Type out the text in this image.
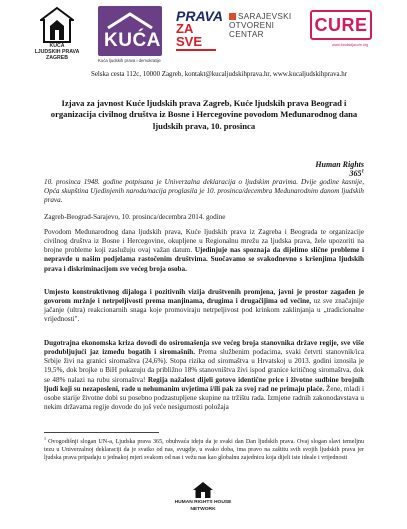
KUĆA
LJUDSKIH PRAVA
ZAGREB
KUĆA
Kuća ljudskih prava i demokratije
PRAVA
ZA SVE
SARAJEVSKI
OTVORENI
CENTAR	CURE
www.fondacijacure.org
Selska cesta 112c, 10000 Zagreb, kontakt@kucaljudskihprava.hr, www.kucaljudskihprava.hr
Izjava za javnost Kuće ljudskih prava Zagreb, Kuće ljudskih prava Beograd i organizacija civilnog društva iz Bosne i Hercegovine povodom Međunarodnog dana ljudskih prava, 10. prosinca
Human Rights $365^1$

10. prosinca 1948. godine potpisana je Univerzalna deklaracija o ljudskim pravima. Dvije godine kasnije, Opća skupština Ujedinjenih naroda/nacija proglasila je 10. prosinca/decembra Međunarodnim danom ljudskih prava.

Zagreb-Beograd-Sarajevo, 10. prosinca/decembra 2014. godine

Povodom Međunarodnog dana ljudskih prava, Kuće ljudskih prava iz Zagreba i Beograda te organizacije civilnog društva iz Bosne i Hercegovine, okupljene u Regionalnu mrežu za ljudska prava, žele upozoriti na brojne probleme koji zaslužuju ovaj važan datum. Ujedinjuje nas spoznaja da dijelimo slične probleme i nepravde u našim podjelama rastočenim društvima. Suočavamo se svakodnevno s kršenjima ljudskih prava i diskriminacijom sve većeg broja osoba.

Umjesto konstruktivnog dijaloga i pozitivnih vizija društvenih promjena, javni je prostor zagađen je govorom mržnje i netrpeljivosti prema manjinama, drugima i drugačijima od većine, uz sve značajnije jačanje (ultra) reakcionarnih snaga koje promoviraju netrpeljivost pod krinkom zaklinjanja u „tradicionalne vrijednosti".

Dugotrajna ekonomska kriza dovodi do osiromašenja sve većeg broja stanovnika države regije, sve više produbljujući jaz između bogatih i siromašnih. Prema službenim podacima, svaki četvrti stanovnik/ica Srbije živi na granici siromaštva (24,6%). Stopa rizika od siromaštva u Hrvatskoj u 2013. godini iznosila je 19,5%, dok brojke u BiH pokazuju da približno 18% stanovništva živi ispod granice kritičnog siromaštva, dok se 48% nalazi na rubu siromaštva! Regija nažalost dijeli gotovo identične price i životne sudbine brojnih ljudi koji su nezaposleni, rade u nehumanim uvjetima i/ili pak za svoj rad ne primaju plaće. Žene, mladi i osobe starije životne dobi su posebno podzastupljene skupine na tržištu rada. Izmjene radnih zakonodavstava u nekim državama regije dovode do još veće nesigurnosti položaja

$^1$ Ovogodišnji slogan UN-a, Ljudska prava 365, obuhvaća ideju da je svaki dan Dan ljudskih prava. Ovaj slogan slavi temeljnu tezu u Univerzalnoj deklaraciji da je svatko od nas, svugdje, u svako doba, ima pravo na zaštitu svih svojih ljudskih prava jer ljudska prava pripadaju u jednakoj mjeri svakom od nas i vežu nas kao globalnu zajednicu koja dijeli iste ideale i vrijednosti
HUMAN RIGHTS HOUSE
NETWORK
